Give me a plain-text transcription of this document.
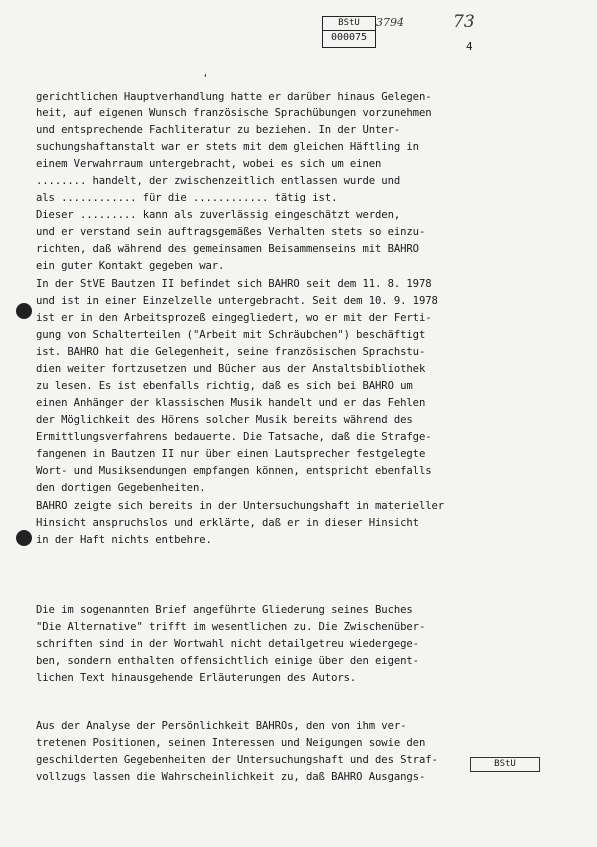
BStU
000075
3794	73
4
'
gerichtlichen Hauptverhandlung hatte er darüber hinaus Gelegen-
heit, auf eigenen Wunsch französische Sprachübungen vorzunehmen
und entsprechende Fachliteratur zu beziehen. In der Unter-
suchungshaftanstalt war er stets mit dem gleichen Häftling in
einem Verwahrraum untergebracht, wobei es sich um einen
........ handelt, der zwischenzeitlich entlassen wurde und
als ............ für die ............ tätig ist.
Dieser ......... kann als zuverlässig eingeschätzt werden,
und er verstand sein auftragsgemäßes Verhalten stets so einzu-
richten, daß während des gemeinsamen Beisammenseins mit BAHRO
ein guter Kontakt gegeben war.
In der StVE Bautzen II befindet sich BAHRO seit dem 11. 8. 1978
und ist in einer Einzelzelle untergebracht. Seit dem 10. 9. 1978
ist er in den Arbeitsprozeß eingegliedert, wo er mit der Ferti-
gung von Schalterteilen ("Arbeit mit Schräubchen") beschäftigt
ist. BAHRO hat die Gelegenheit, seine französischen Sprachstu-
dien weiter fortzusetzen und Bücher aus der Anstaltsbibliothek
zu lesen. Es ist ebenfalls richtig, daß es sich bei BAHRO um
einen Anhänger der klassischen Musik handelt und er das Fehlen
der Möglichkeit des Hörens solcher Musik bereits während des
Ermittlungsverfahrens bedauerte. Die Tatsache, daß die Strafge-
fangenen in Bautzen II nur über einen Lautsprecher festgelegte
Wort- und Musiksendungen empfangen können, entspricht ebenfalls
den dortigen Gegebenheiten.
BAHRO zeigte sich bereits in der Untersuchungshaft in materieller
Hinsicht anspruchslos und erklärte, daß er in dieser Hinsicht
in der Haft nichts entbehre.
Die im sogenannten Brief angeführte Gliederung seines Buches
"Die Alternative" trifft im wesentlichen zu. Die Zwischenüber-
schriften sind in der Wortwahl nicht detailgetreu wiedergege-
ben, sondern enthalten offensichtlich einige über den eigent-
lichen Text hinausgehende Erläuterungen des Autors.
Aus der Analyse der Persönlichkeit BAHROs, den von ihm ver-
tretenen Positionen, seinen Interessen und Neigungen sowie den
geschilderten Gegebenheiten der Untersuchungshaft und des Straf-
vollzugs lassen die Wahrscheinlichkeit zu, daß BAHRO Ausgangs-
BStU
